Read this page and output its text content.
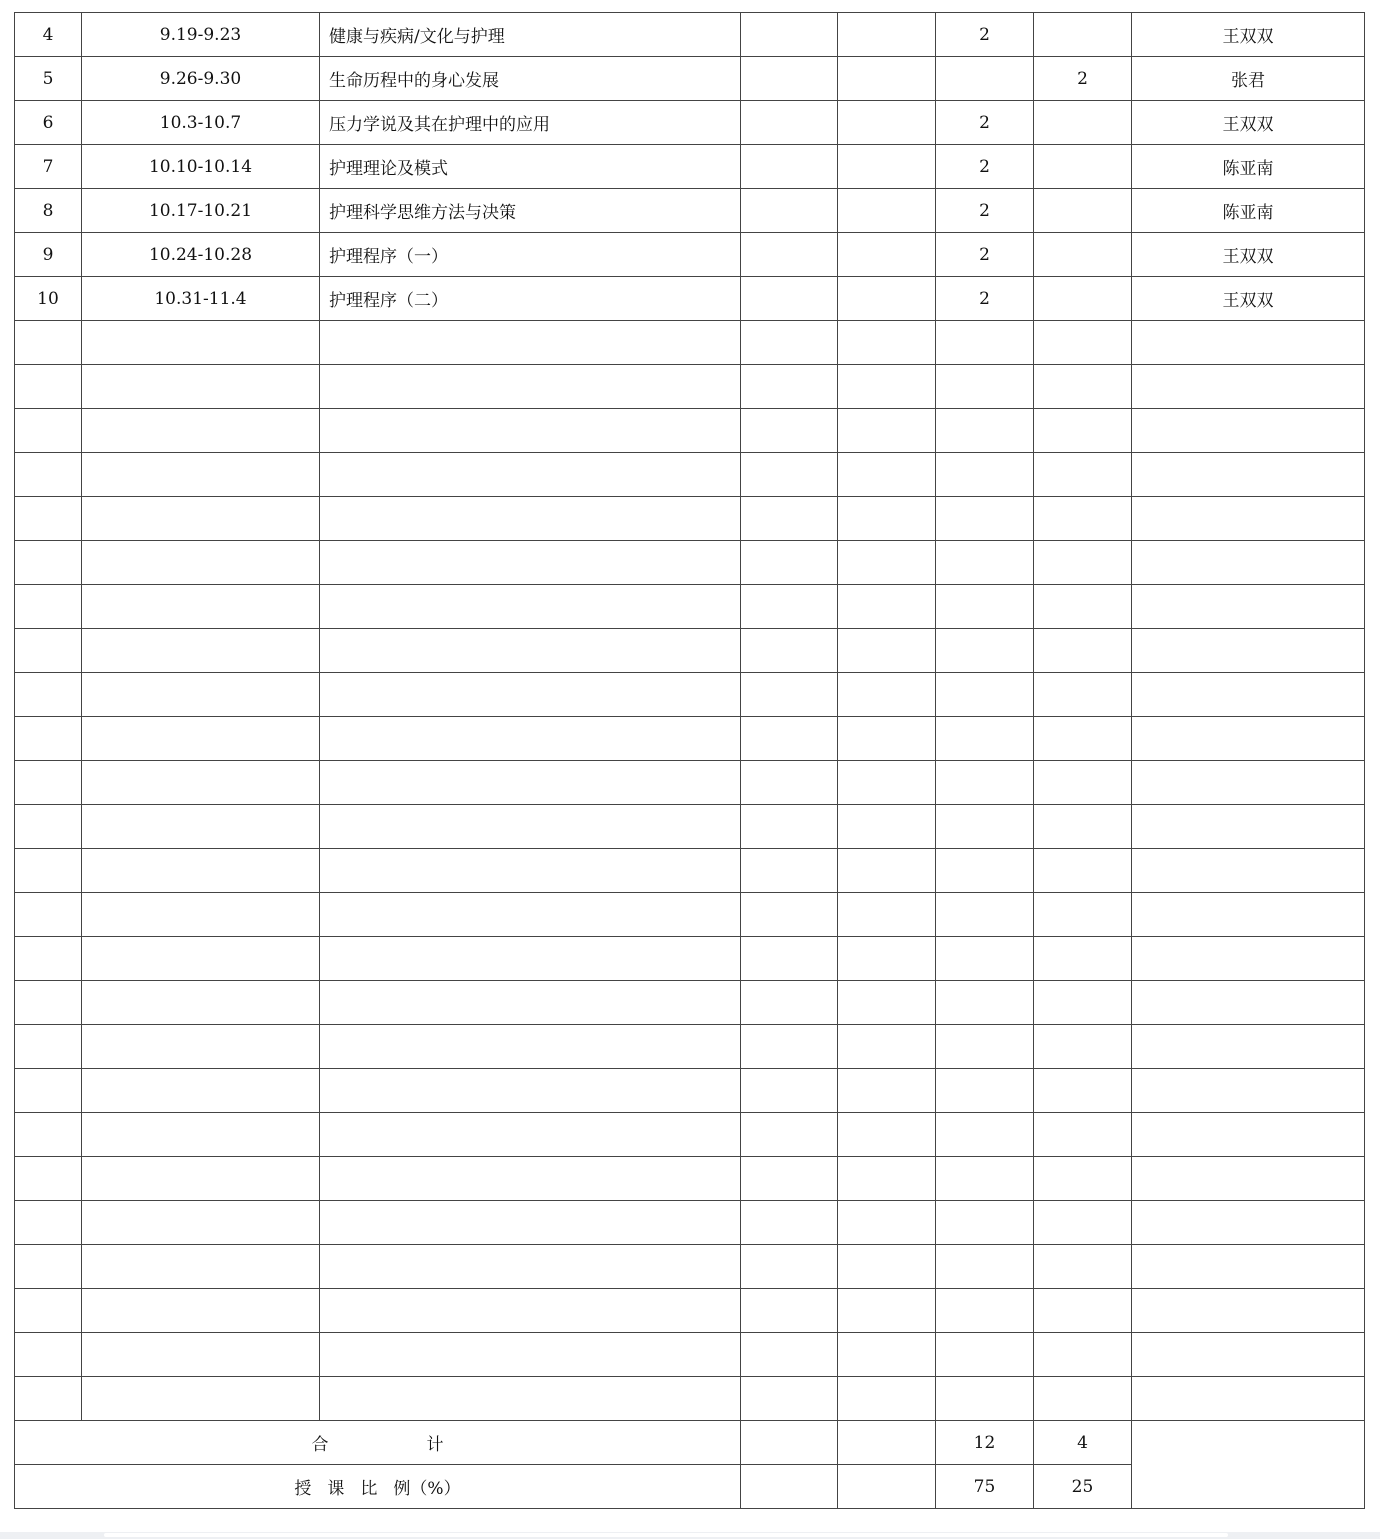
4	9.19-9.23	健康与疾病/文化与护理			2		王双双
5	9.26-9.30	生命历程中的身心发展				2	张君
6	10.3-10.7	压力学说及其在护理中的应用			2		王双双
7	10.10-10.14	护理理论及模式			2		陈亚南
8	10.17-10.21	护理科学思维方法与决策			2		陈亚南
9	10.24-10.28	护理程序（一）			2		王双双
10	10.31-11.4	护理程序（二）			2		王双双

合 计					12	4	

授 课 比 例（%）					75	25	
